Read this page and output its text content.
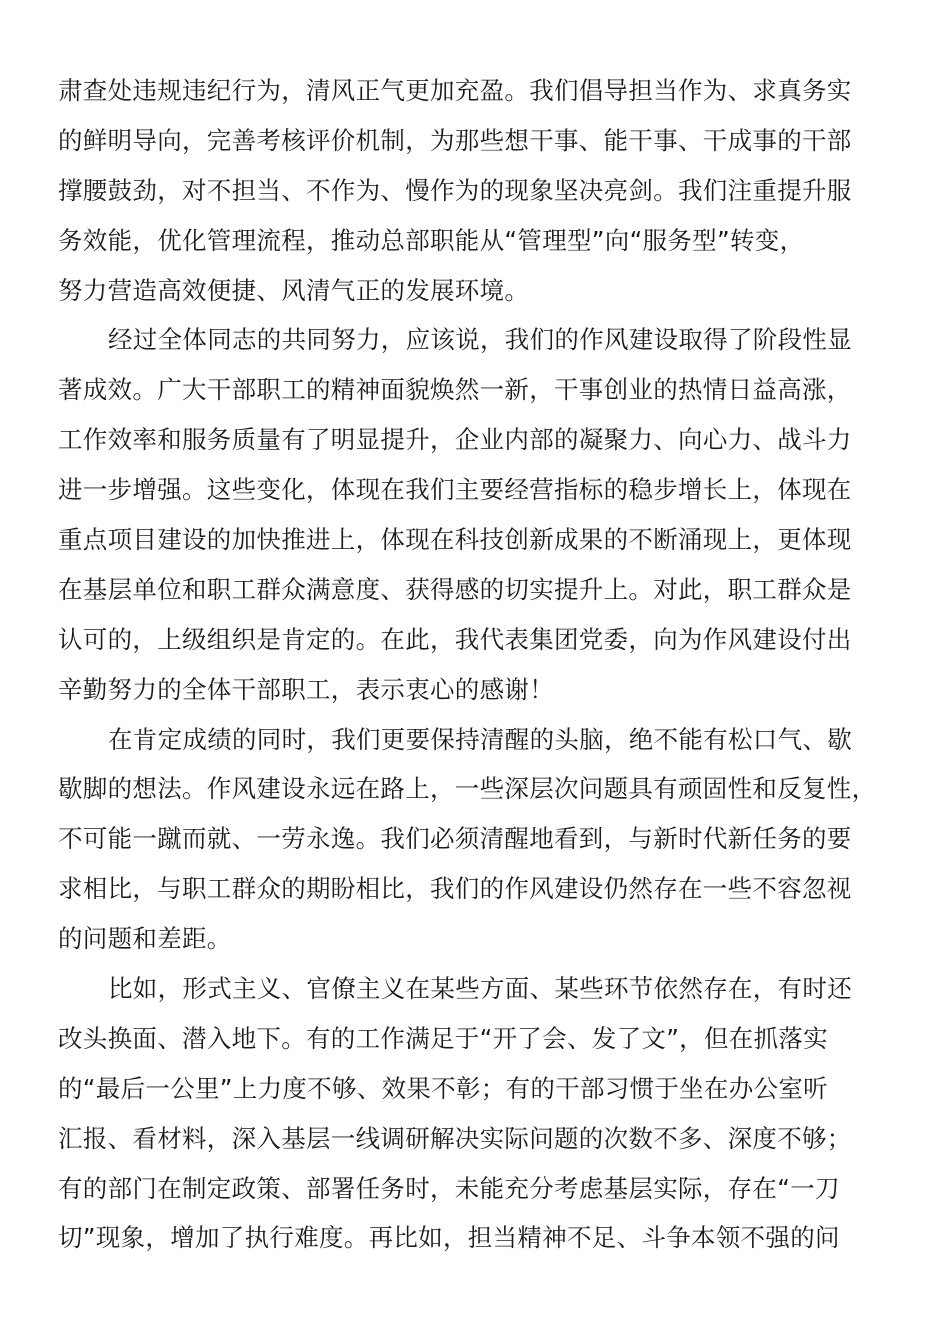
肃查处违规违纪行为，清风正气更加充盈。我们倡导担当作为、求真务实
的鲜明导向，完善考核评价机制，为那些想干事、能干事、干成事的干部
撑腰鼓劲，对不担当、不作为、慢作为的现象坚决亮剑。我们注重提升服
务效能，优化管理流程，推动总部职能从“管理型”向“服务型”转变，
努力营造高效便捷、风清气正的发展环境。
经过全体同志的共同努力，应该说，我们的作风建设取得了阶段性显
著成效。广大干部职工的精神面貌焕然一新，干事创业的热情日益高涨，
工作效率和服务质量有了明显提升，企业内部的凝聚力、向心力、战斗力
进一步增强。这些变化，体现在我们主要经营指标的稳步增长上，体现在
重点项目建设的加快推进上，体现在科技创新成果的不断涌现上，更体现
在基层单位和职工群众满意度、获得感的切实提升上。对此，职工群众是
认可的，上级组织是肯定的。在此，我代表集团党委，向为作风建设付出
辛勤努力的全体干部职工，表示衷心的感谢！
在肯定成绩的同时，我们更要保持清醒的头脑，绝不能有松口气、歇
歇脚的想法。作风建设永远在路上，一些深层次问题具有顽固性和反复性，
不可能一蹴而就、一劳永逸。我们必须清醒地看到，与新时代新任务的要
求相比，与职工群众的期盼相比，我们的作风建设仍然存在一些不容忽视
的问题和差距。
比如，形式主义、官僚主义在某些方面、某些环节依然存在，有时还
改头换面、潜入地下。有的工作满足于“开了会、发了文”，但在抓落实
的“最后一公里”上力度不够、效果不彰；有的干部习惯于坐在办公室听
汇报、看材料，深入基层一线调研解决实际问题的次数不多、深度不够；
有的部门在制定政策、部署任务时，未能充分考虑基层实际，存在“一刀
切”现象，增加了执行难度。再比如，担当精神不足、斗争本领不强的问
